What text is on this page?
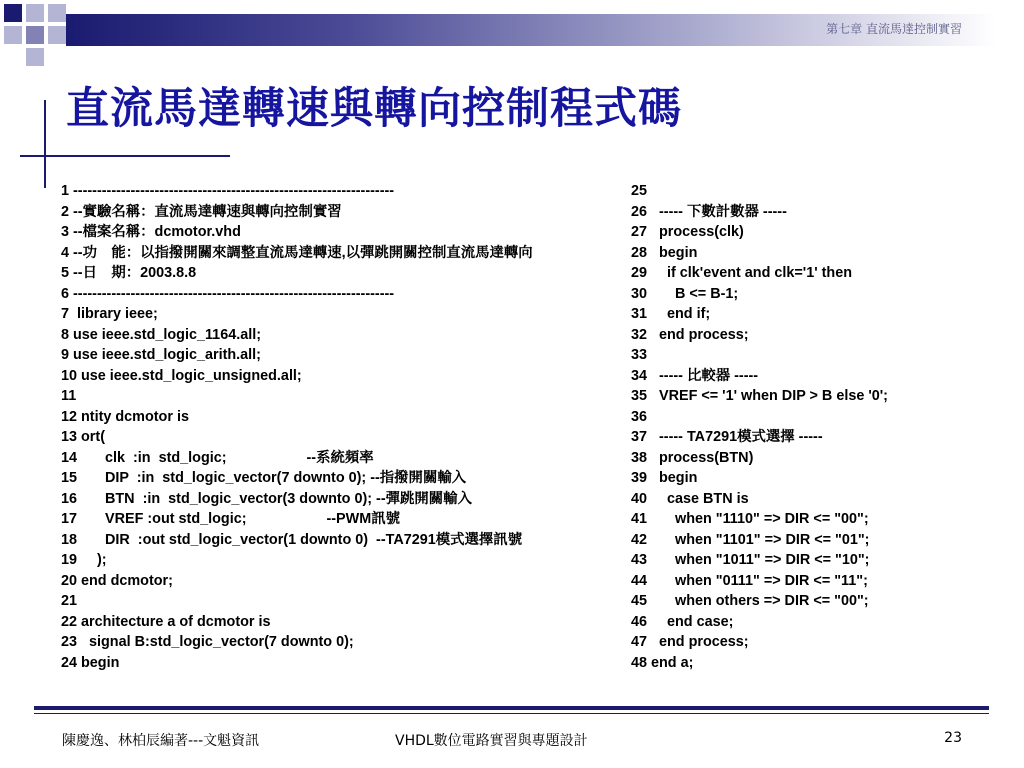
第七章 直流馬達控制實習
直流馬達轉速與轉向控制程式碼
1 -------------------------------------------------------------------
2 --實驗名稱：直流馬達轉速與轉向控制實習
3 --檔案名稱：dcmotor.vhd
4 --功　能：以指撥開關來調整直流馬達轉速,以彈跳開關控制直流馬達轉向
5 --日　期：2003.8.8
6 -------------------------------------------------------------------
7  library ieee;
8 use ieee.std_logic_1164.all;
9 use ieee.std_logic_arith.all;
10 use ieee.std_logic_unsigned.all;
11
12 ntity dcmotor is
13 ort(
14       clk  :in  std_logic;                    --系統頻率
15       DIP  :in  std_logic_vector(7 downto 0); --指撥開關輸入
16       BTN  :in  std_logic_vector(3 downto 0); --彈跳開關輸入
17       VREF :out std_logic;                    --PWM訊號
18       DIR  :out std_logic_vector(1 downto 0)  --TA7291模式選擇訊號
19     );
20 end dcmotor;
21
22 architecture a of dcmotor is
23   signal B:std_logic_vector(7 downto 0);
24 begin
25
26   ----- 下數計數器 -----
27   process(clk)
28   begin
29     if clk'event and clk='1' then
30       B <= B-1;
31     end if;
32   end process;
33
34   ----- 比較器 -----
35   VREF <= '1' when DIP > B else '0';
36
37   ----- TA7291模式選擇 -----
38   process(BTN)
39   begin
40     case BTN is
41       when "1110" => DIR <= "00";
42       when "1101" => DIR <= "01";
43       when "1011" => DIR <= "10";
44       when "0111" => DIR <= "11";
45       when others => DIR <= "00";
46     end case;
47   end process;
48 end a;
陳慶逸、林柏辰編著---文魁資訊	VHDL數位電路實習與專題設計	23
